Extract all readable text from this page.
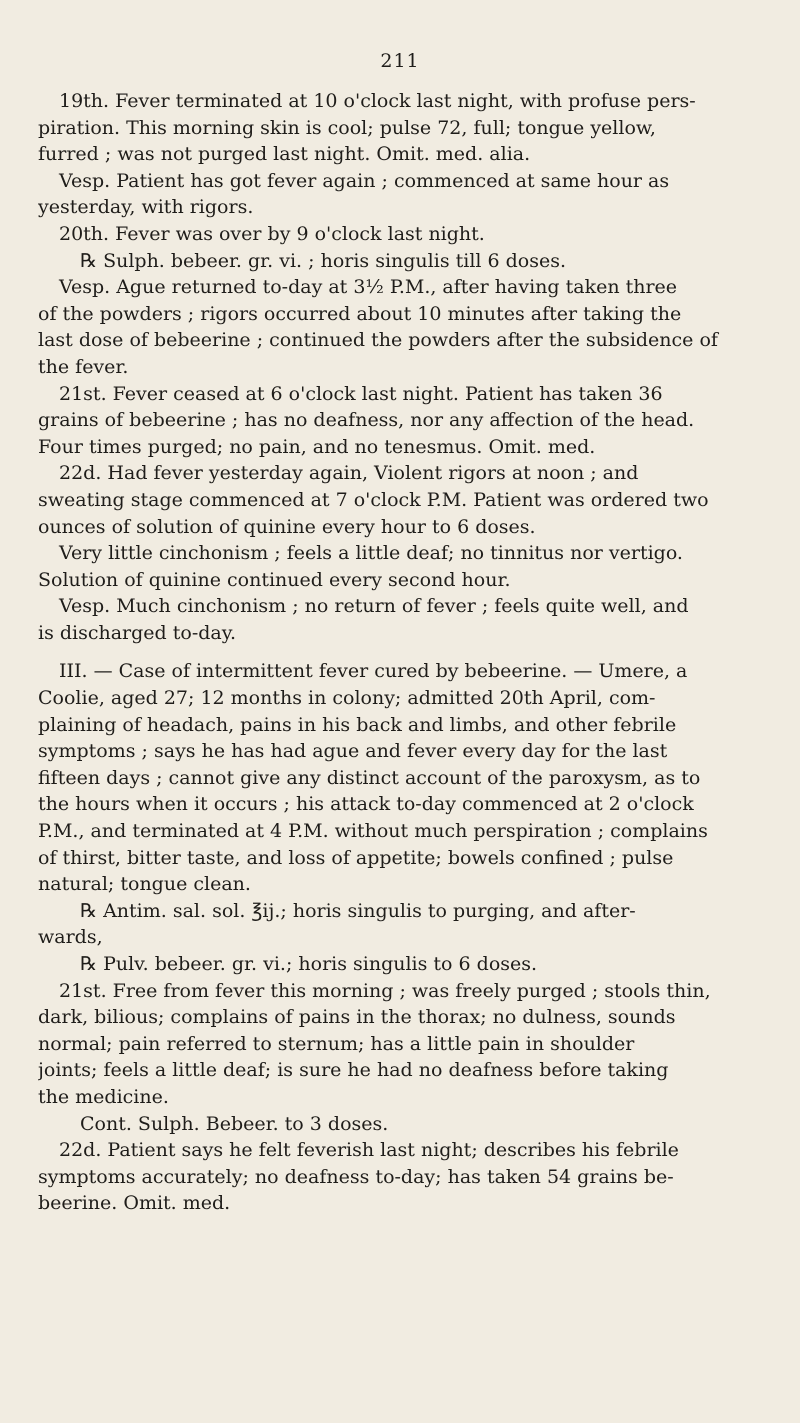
211
19th. Fever terminated at 10 o'clock last night, with profuse pers-
piration. This morning skin is cool; pulse 72, full; tongue yellow,
furred ; was not purged last night. Omit. med. alia.
Vesp. Patient has got fever again ; commenced at same hour as
yesterday, with rigors.
20th. Fever was over by 9 o'clock last night.
℞ Sulph. bebeer. gr. vi. ; horis singulis till 6 doses.
Vesp. Ague returned to-day at 3½ P.M., after having taken three
of the powders ; rigors occurred about 10 minutes after taking the
last dose of bebeerine ; continued the powders after the subsidence of
the fever.
21st. Fever ceased at 6 o'clock last night. Patient has taken 36
grains of bebeerine ; has no deafness, nor any affection of the head.
Four times purged; no pain, and no tenesmus. Omit. med.
22d. Had fever yesterday again, Violent rigors at noon ; and
sweating stage commenced at 7 o'clock P.M. Patient was ordered two
ounces of solution of quinine every hour to 6 doses.
Very little cinchonism ; feels a little deaf; no tinnitus nor vertigo.
Solution of quinine continued every second hour.
Vesp. Much cinchonism ; no return of fever ; feels quite well, and
is discharged to-day.
III. — Case of intermittent fever cured by bebeerine. — Umere, a
Coolie, aged 27; 12 months in colony; admitted 20th April, com-
plaining of headach, pains in his back and limbs, and other febrile
symptoms ; says he has had ague and fever every day for the last
fifteen days ; cannot give any distinct account of the paroxysm, as to
the hours when it occurs ; his attack to-day commenced at 2 o'clock
P.M., and terminated at 4 P.M. without much perspiration ; complains
of thirst, bitter taste, and loss of appetite; bowels confined ; pulse
natural; tongue clean.
℞ Antim. sal. sol. ℥ij.; horis singulis to purging, and after-
wards,
℞ Pulv. bebeer. gr. vi.; horis singulis to 6 doses.
21st. Free from fever this morning ; was freely purged ; stools thin,
dark, bilious; complains of pains in the thorax; no dulness, sounds
normal; pain referred to sternum; has a little pain in shoulder
joints; feels a little deaf; is sure he had no deafness before taking
the medicine.
Cont. Sulph. Bebeer. to 3 doses.
22d. Patient says he felt feverish last night; describes his febrile
symptoms accurately; no deafness to-day; has taken 54 grains be-
beerine. Omit. med.
